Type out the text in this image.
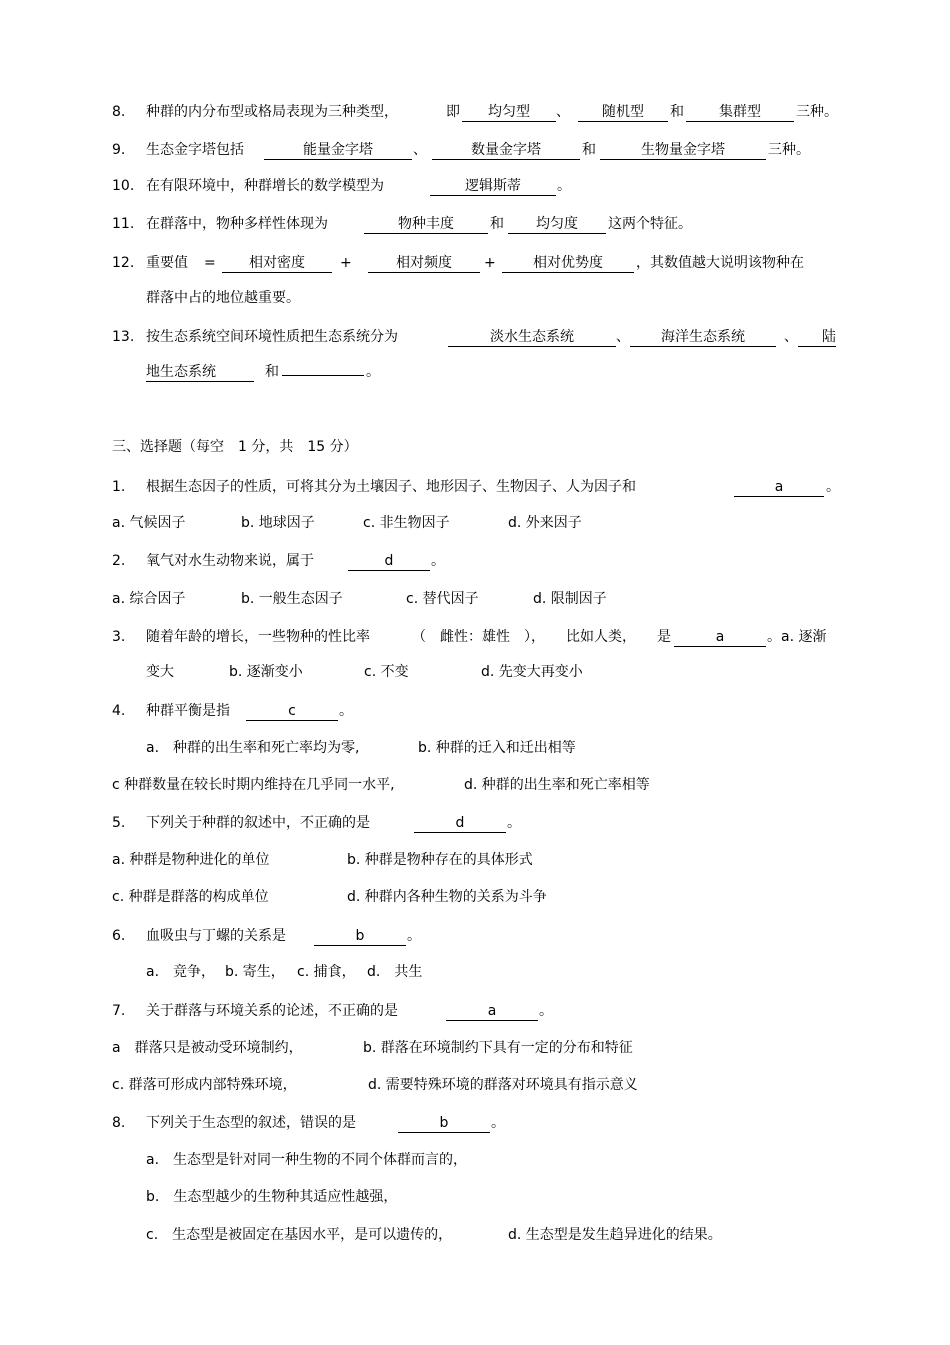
8. 种群的内分布型或格局表现为三种类型，	即	均匀型	、	随机型	和	集群型	三种。
9. 生态金字塔包括	能量金字塔	、	数量金字塔	和	生物量金字塔	三种。
10. 在有限环境中，种群增长的数学模型为	逻辑斯蒂	。
11. 在群落中，物种多样性体现为	物种丰度	和	均匀度	这两个特征。
12. 重要值 =	相对密度	+	相对频度	+	相对优势度	，其数值越大说明该物种在
群落中占的地位越重要。
13. 按生态系统空间环境性质把生态系统分为	淡水生态系统	、	海洋生态系统	、	陆
地生态系统	和	。
三、选择题（每空　1 分，共　15 分）
1. 根据生态因子的性质，可将其分为土壤因子、地形因子、生物因子、人为因子和	a	。
a. 气候因子	b. 地球因子	c. 非生物因子	d. 外来因子
2. 氧气对水生动物来说，属于	d	。
a. 综合因子	b. 一般生态因子	c. 替代因子	d. 限制因子
3. 随着年龄的增长，一些物种的性比率	（　雌性：雄性　）， 比如人类， 是	a	。a. 逐渐
变大	b. 逐渐变小	c. 不变	d. 先变大再变小
4. 种群平衡是指	c	。
a.　种群的出生率和死亡率均为零,	b. 种群的迁入和迁出相等
c 种群数量在较长时期内维持在几乎同一水平,	d. 种群的出生率和死亡率相等
5. 下列关于种群的叙述中，不正确的是	d	。
a. 种群是物种进化的单位	b. 种群是物种存在的具体形式
c. 种群是群落的构成单位	d. 种群内各种生物的关系为斗争
6. 血吸虫与丁螺的关系是	b	。
a.　竞争， b. 寄生， c. 捕食， d.　共生
7. 关于群落与环境关系的论述，不正确的是	a	。
a　群落只是被动受环境制约，	b. 群落在环境制约下具有一定的分布和特征
c. 群落可形成内部特殊环境，	d. 需要特殊环境的群落对环境具有指示意义
8. 下列关于生态型的叙述，错误的是	b	。
a.　生态型是针对同一种生物的不同个体群而言的，
b.　生态型越少的生物种其适应性越强，
c.　生态型是被固定在基因水平，是可以遗传的，	d. 生态型是发生趋异进化的结果。
